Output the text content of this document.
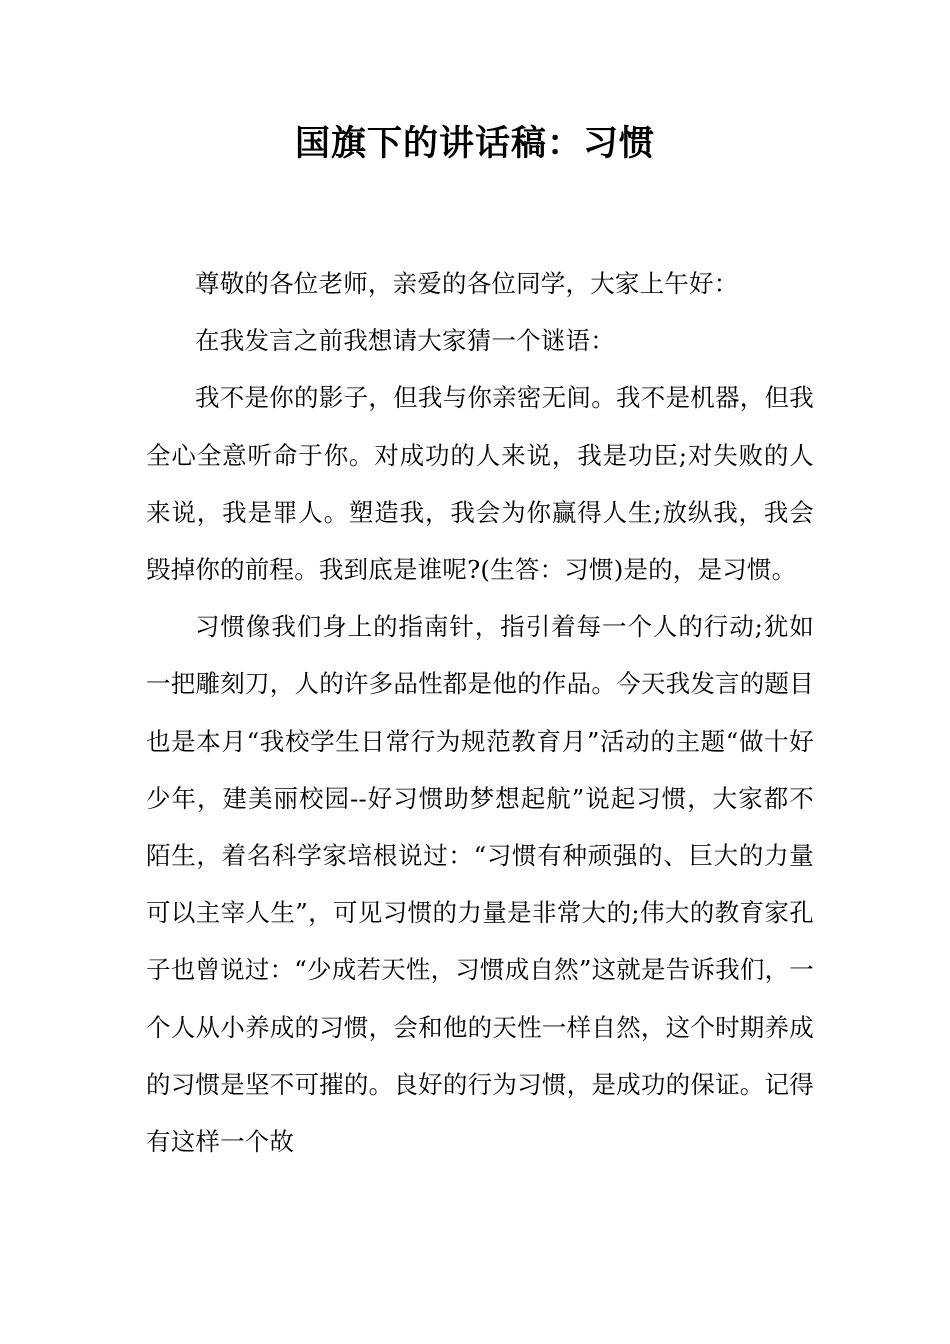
国旗下的讲话稿：习惯

尊敬的各位老师，亲爱的各位同学，大家上午好：

在我发言之前我想请大家猜一个谜语：

我不是你的影子，但我与你亲密无间。我不是机器，但我全心全意听命于你。对成功的人来说，我是功臣;对失败的人来说，我是罪人。塑造我，我会为你赢得人生;放纵我，我会毁掉你的前程。我到底是谁呢?(生答：习惯)是的，是习惯。

习惯像我们身上的指南针，指引着每一个人的行动;犹如一把雕刻刀，人的许多品性都是他的作品。今天我发言的题目也是本月“我校学生日常行为规范教育月”活动的主题“做十好少年，建美丽校园--好习惯助梦想起航”说起习惯，大家都不陌生，着名科学家培根说过：“习惯有种顽强的、巨大的力量可以主宰人生”，可见习惯的力量是非常大的;伟大的教育家孔子也曾说过：“少成若天性，习惯成自然”这就是告诉我们，一个人从小养成的习惯，会和他的天性一样自然，这个时期养成的习惯是坚不可摧的。良好的行为习惯，是成功的保证。记得有这样一个故
